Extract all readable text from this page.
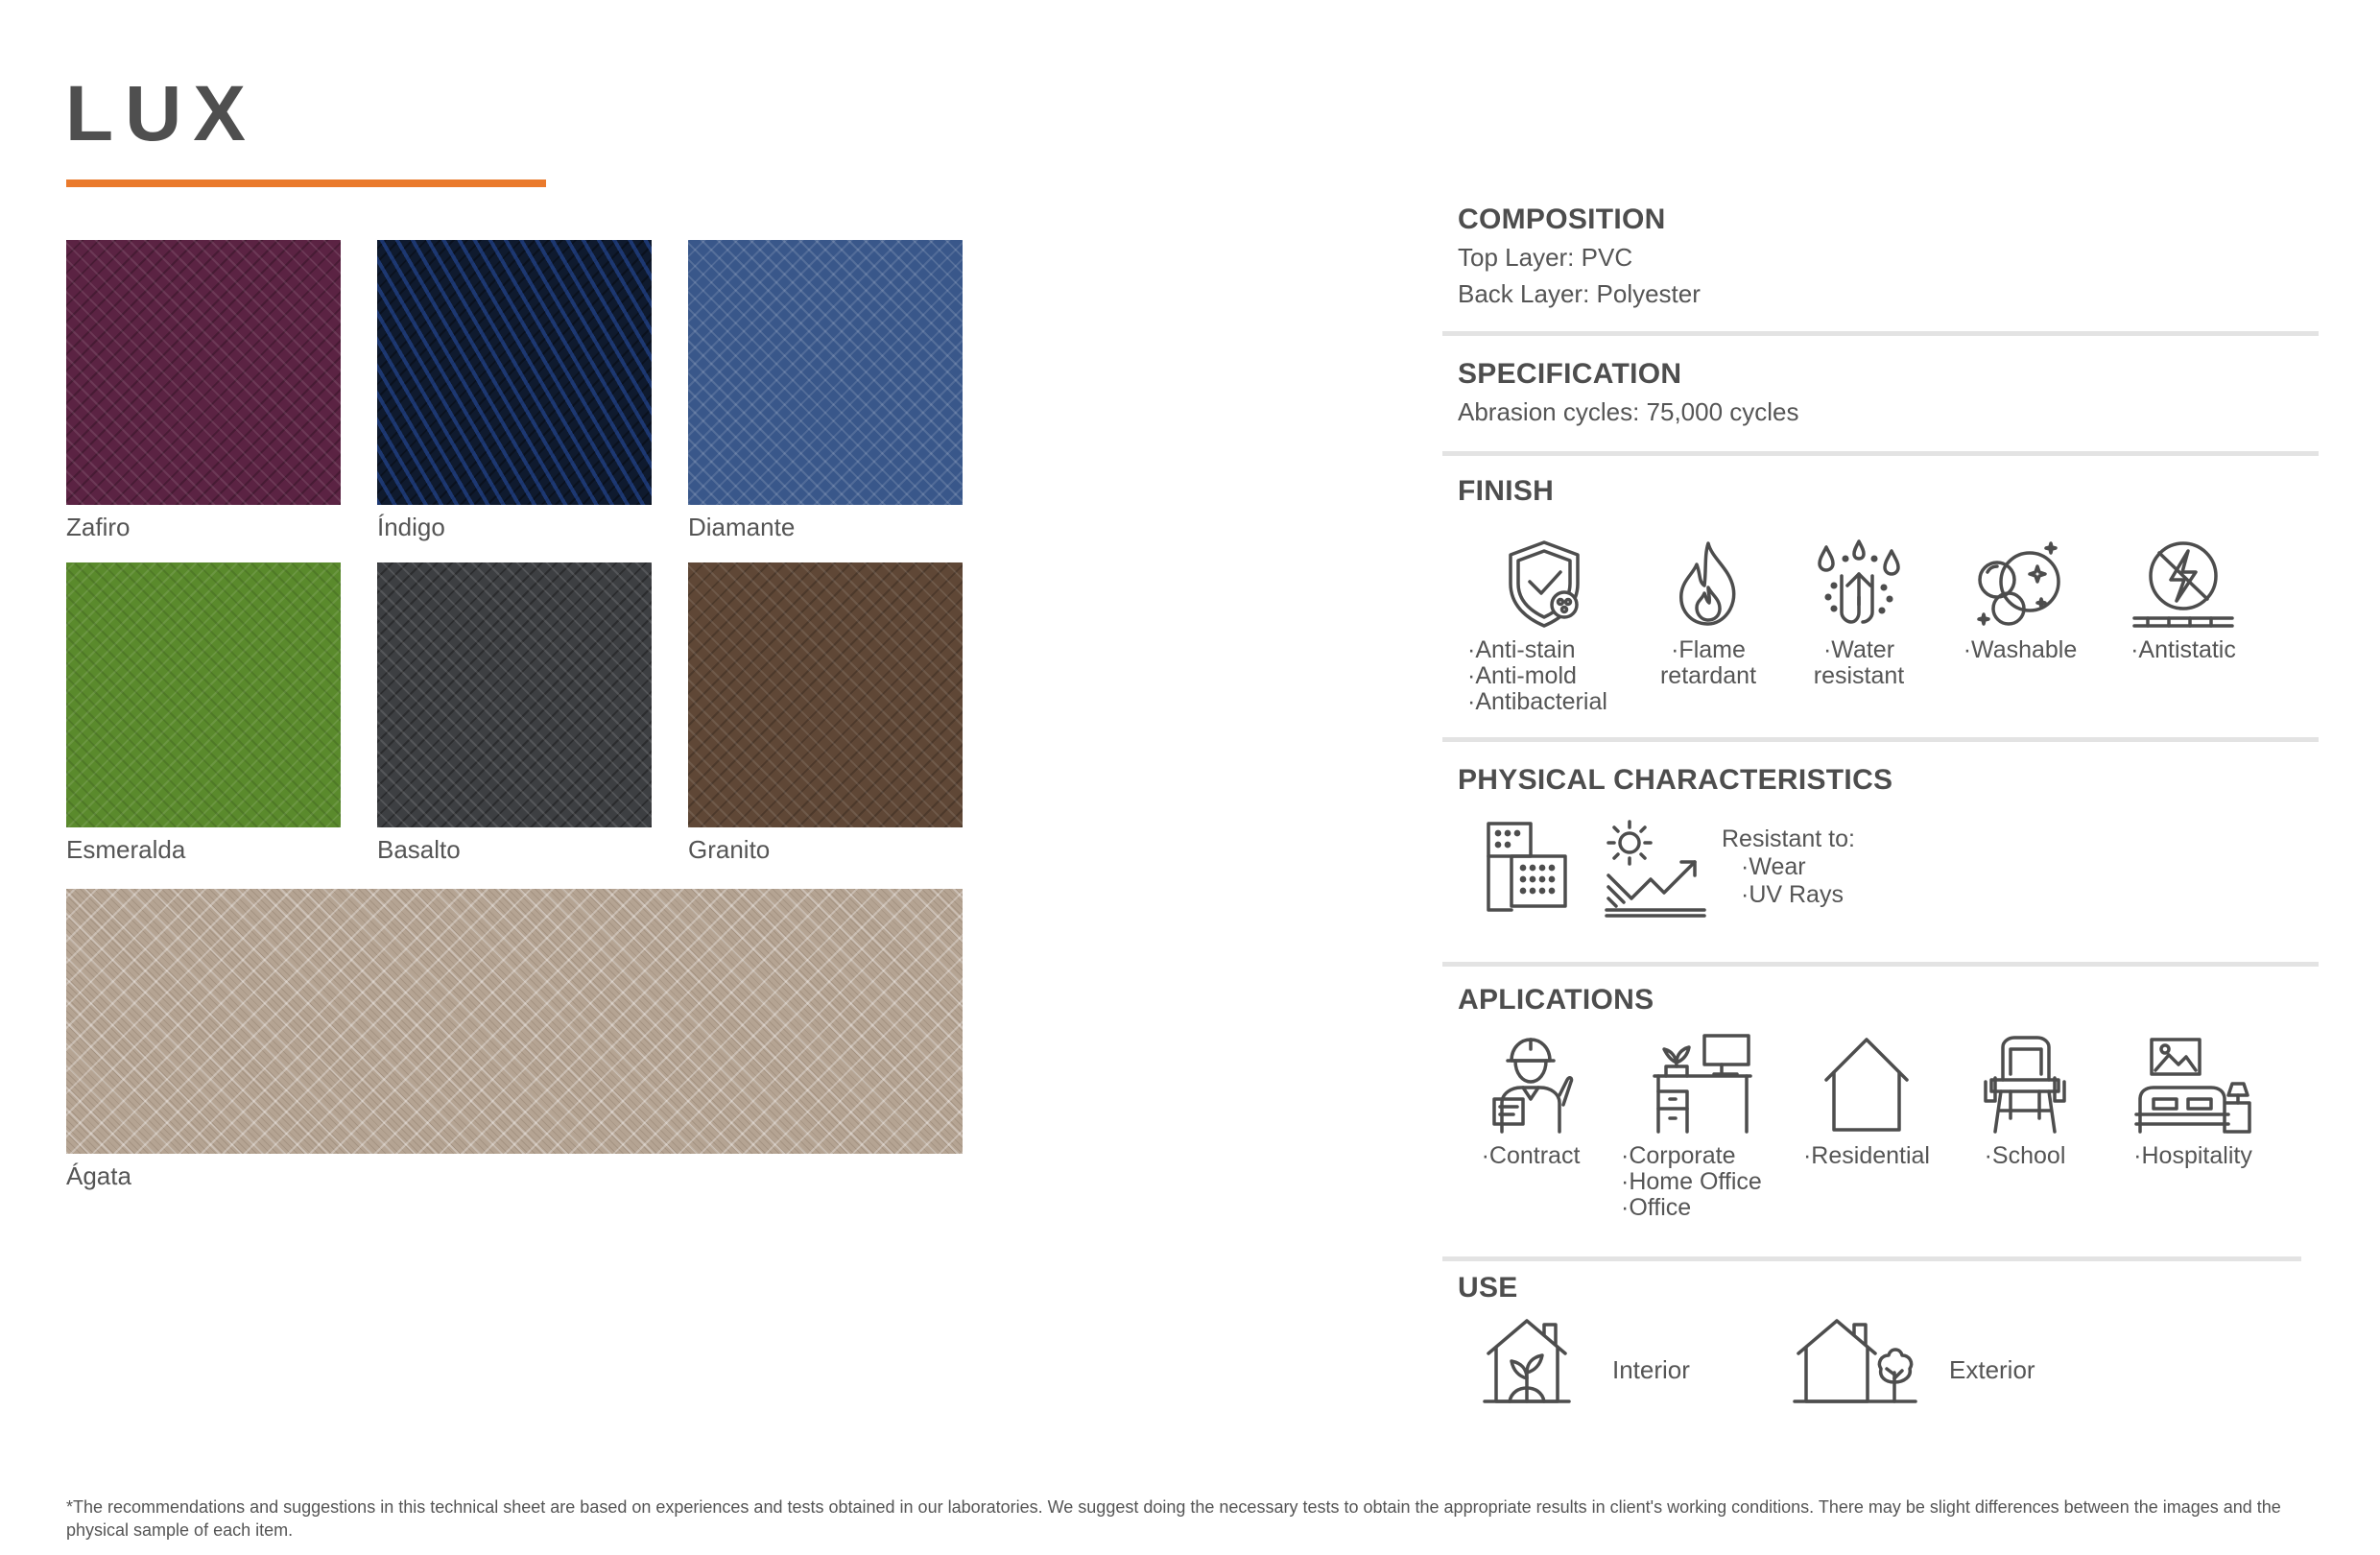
LUX
Zafiro	Índigo	Diamante
Esmeralda	Basalto	Granito
Ágata
COMPOSITION
Top Layer: PVC
Back Layer: Polyester
SPECIFICATION
Abrasion cycles: 75,000 cycles
FINISH
·Anti-stain
·Anti-mold
·Antibacterial
·Flame
retardant
·Water
resistant
·Washable	·Antistatic
PHYSICAL CHARACTERISTICS
Resistant to:
·Wear
·UV Rays
APLICATIONS
·Contract	·Corporate
·Home Office
·Office
·Residential	·School	·Hospitality
USE
Interior	Exterior
*The recommendations and suggestions in this technical sheet are based on experiences and tests obtained in our laboratories. We suggest doing the necessary tests to obtain the appropriate results in client's working conditions. There may be slight differences between the images and the physical sample of each item.
